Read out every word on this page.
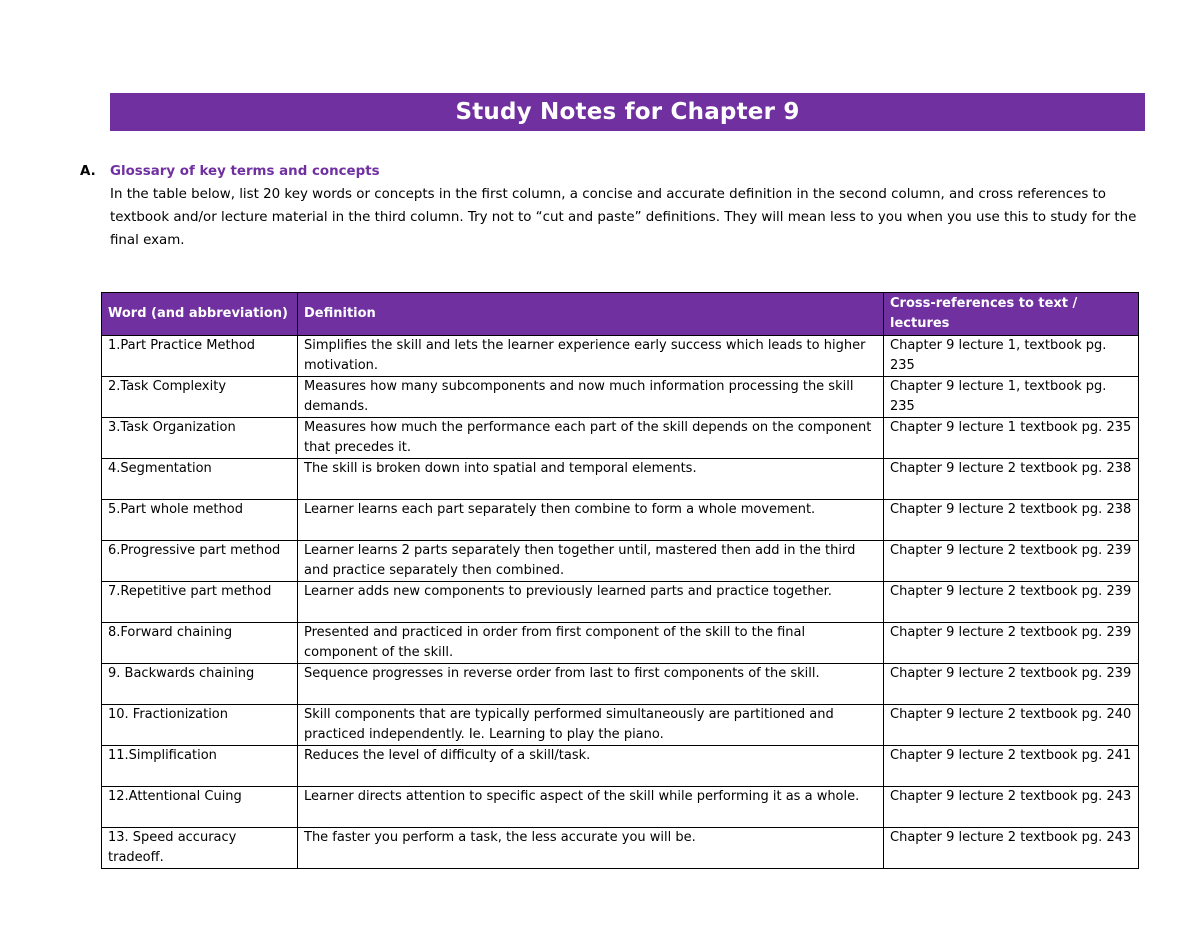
Study Notes for Chapter 9
A.	Glossary of key terms and concepts
In the table below, list 20 key words or concepts in the first column, a concise and accurate definition in the second column, and cross references to textbook and/or lecture material in the third column. Try not to “cut and paste” definitions. They will mean less to you when you use this to study for the final exam.
Word (and abbreviation)	Definition	Cross-references to text / lectures
1.Part Practice Method	Simplifies the skill and lets the learner experience early success which leads to higher motivation.	Chapter 9 lecture 1, textbook pg. 235
2.Task Complexity	Measures how many subcomponents and now much information processing the skill demands.	Chapter 9 lecture 1, textbook pg. 235
3.Task Organization	Measures how much the performance each part of the skill depends on the component that precedes it.	Chapter 9 lecture 1 textbook pg. 235
4.Segmentation	The skill is broken down into spatial and temporal elements.	Chapter 9 lecture 2 textbook pg. 238
5.Part whole method	Learner learns each part separately then combine to form a whole movement.	Chapter 9 lecture 2 textbook pg. 238
6.Progressive part method	Learner learns 2 parts separately then together until, mastered then add in the third and practice separately then combined.	Chapter 9 lecture 2 textbook pg. 239
7.Repetitive part method	Learner adds new components to previously learned parts and practice together.	Chapter 9 lecture 2 textbook pg. 239
8.Forward chaining	Presented and practiced in order from first component of the skill to the final component of the skill.	Chapter 9 lecture 2 textbook pg. 239
9. Backwards chaining	Sequence progresses in reverse order from last to first components of the skill.	Chapter 9 lecture 2 textbook pg. 239
10. Fractionization	Skill components that are typically performed simultaneously are partitioned and practiced independently. Ie. Learning to play the piano.	Chapter 9 lecture 2 textbook pg. 240
11.Simplification	Reduces the level of difficulty of a skill/task.	Chapter 9 lecture 2 textbook pg. 241
12.Attentional Cuing	Learner directs attention to specific aspect of the skill while performing it as a whole.	Chapter 9 lecture 2 textbook pg. 243
13. Speed accuracy tradeoff.	The faster you perform a task, the less accurate you will be.	Chapter 9 lecture 2 textbook pg. 243
